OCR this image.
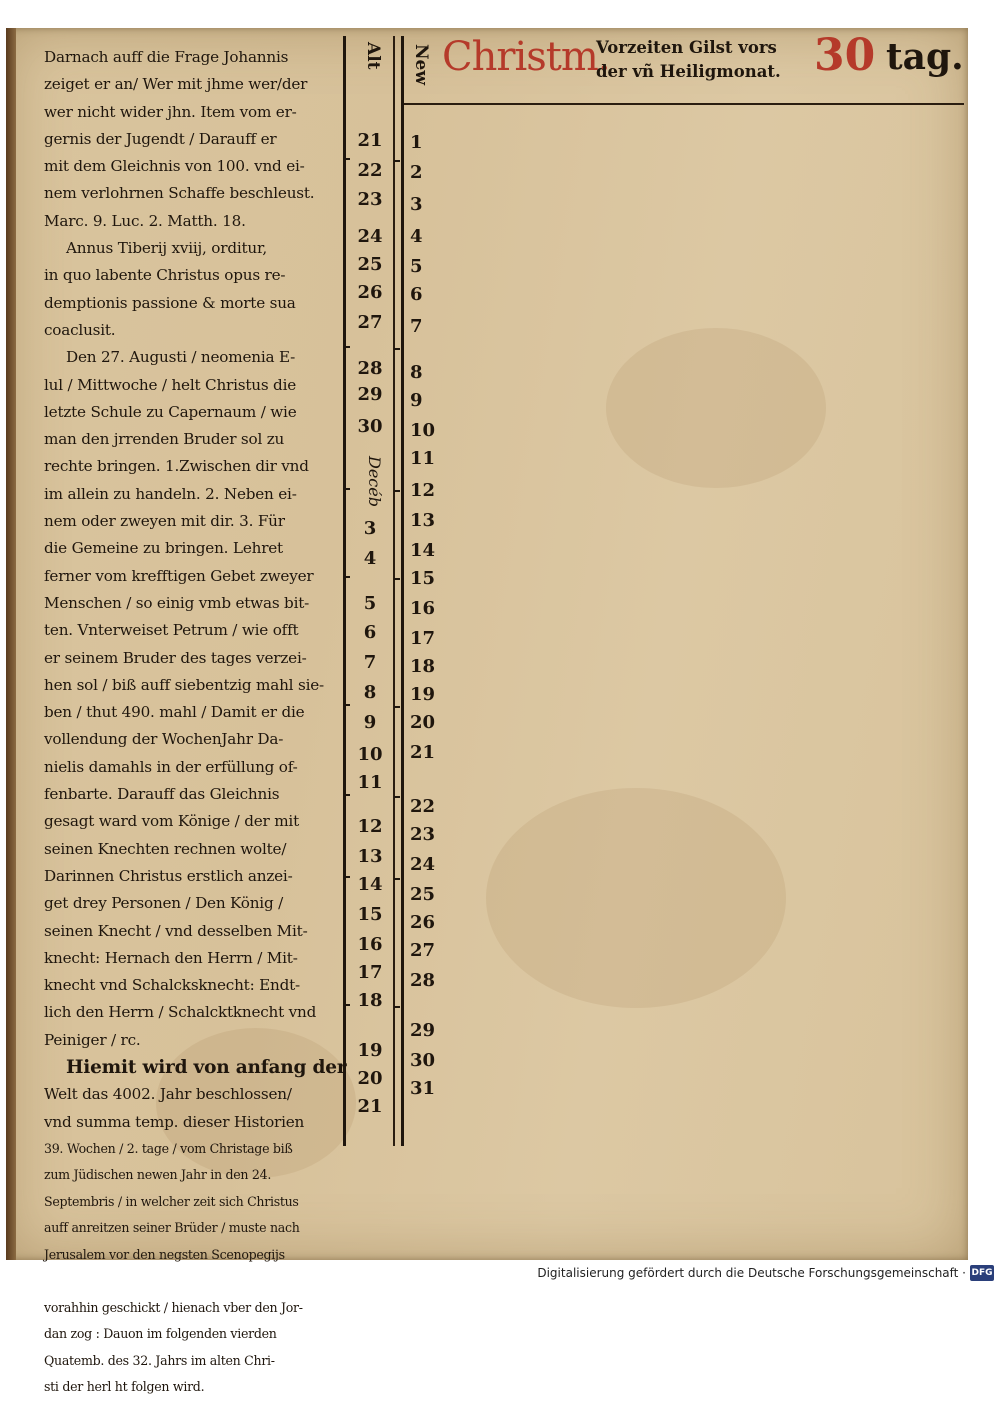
Alt New Christm.
Vorzeiten Gilst vors
der vñ Heiligmonat. 30 tag.
Decéb
Darnach auff die Frage Johannis
zeiget er an/ Wer mit jhme wer/der
wer nicht wider jhn. Item vom er-
gernis der Jugendt / Darauff er
mit dem Gleichnis von 100. vnd ei-
nem verlohrnen Schaffe beschleust.
Marc. 9. Luc. 2. Matth. 18.
Annus Tiberij xviij, orditur,
in quo labente Christus opus re-
demptionis passione & morte sua
coaclusit.
Den 27. Augusti / neomenia E-
lul / Mittwoche / helt Christus die
letzte Schule zu Capernaum / wie
man den jrrenden Bruder sol zu
rechte bringen. 1.Zwischen dir vnd
im allein zu handeln. 2. Neben ei-
nem oder zweyen mit dir. 3. Für
die Gemeine zu bringen. Lehret
ferner vom krefftigen Gebet zweyer
Menschen / so einig vmb etwas bit-
ten. Vnterweiset Petrum / wie offt
er seinem Bruder des tages verzei-
hen sol / biß auff siebentzig mahl sie-
ben / thut 490. mahl / Damit er die
vollendung der WochenJahr Da-
nielis damahls in der erfüllung of-
fenbarte. Darauff das Gleichnis
gesagt ward vom Könige / der mit
seinen Knechten rechnen wolte/
Darinnen Christus erstlich anzei-
get drey Personen / Den König /
seinen Knecht / vnd desselben Mit-
knecht: Hernach den Herrn / Mit-
knecht vnd Schalcksknecht: Endt-
lich den Herrn / Schalcktknecht vnd
Peiniger / rc.
Hiemit wird von anfang der
Welt das 4002. Jahr beschlossen/
vnd summa temp. dieser Historien
39. Wochen / 2. tage / vom Christage biß
zum Jüdischen newen Jahr in den 24.
Septembris / in welcher zeit sich Christus
auff anreitzen seiner Brüder / muste nach
Jerusalem vor den negsten Scenopegijs
vorahhin geschickt / hienach vber den Jor-
dan zog : Dauon im folgenden vierden
Quatemb. des 32. Jahrs im alten Chri-
sti der herl ht folgen wird.
21
22
23
24
25
26
27
28
29
30
3
4
5
6
7
8
9
10
11
12
13
14
15
16
17
18
19
20
21
1
2
3
4
5
6
7
8
9
10
11
12
13
14
15
16
17
18
19
20
21
22
23
24
25
26
27
28
29
30
31
Digitalisierung gefördert durch die Deutsche Forschungsgemeinschaft · DFG
